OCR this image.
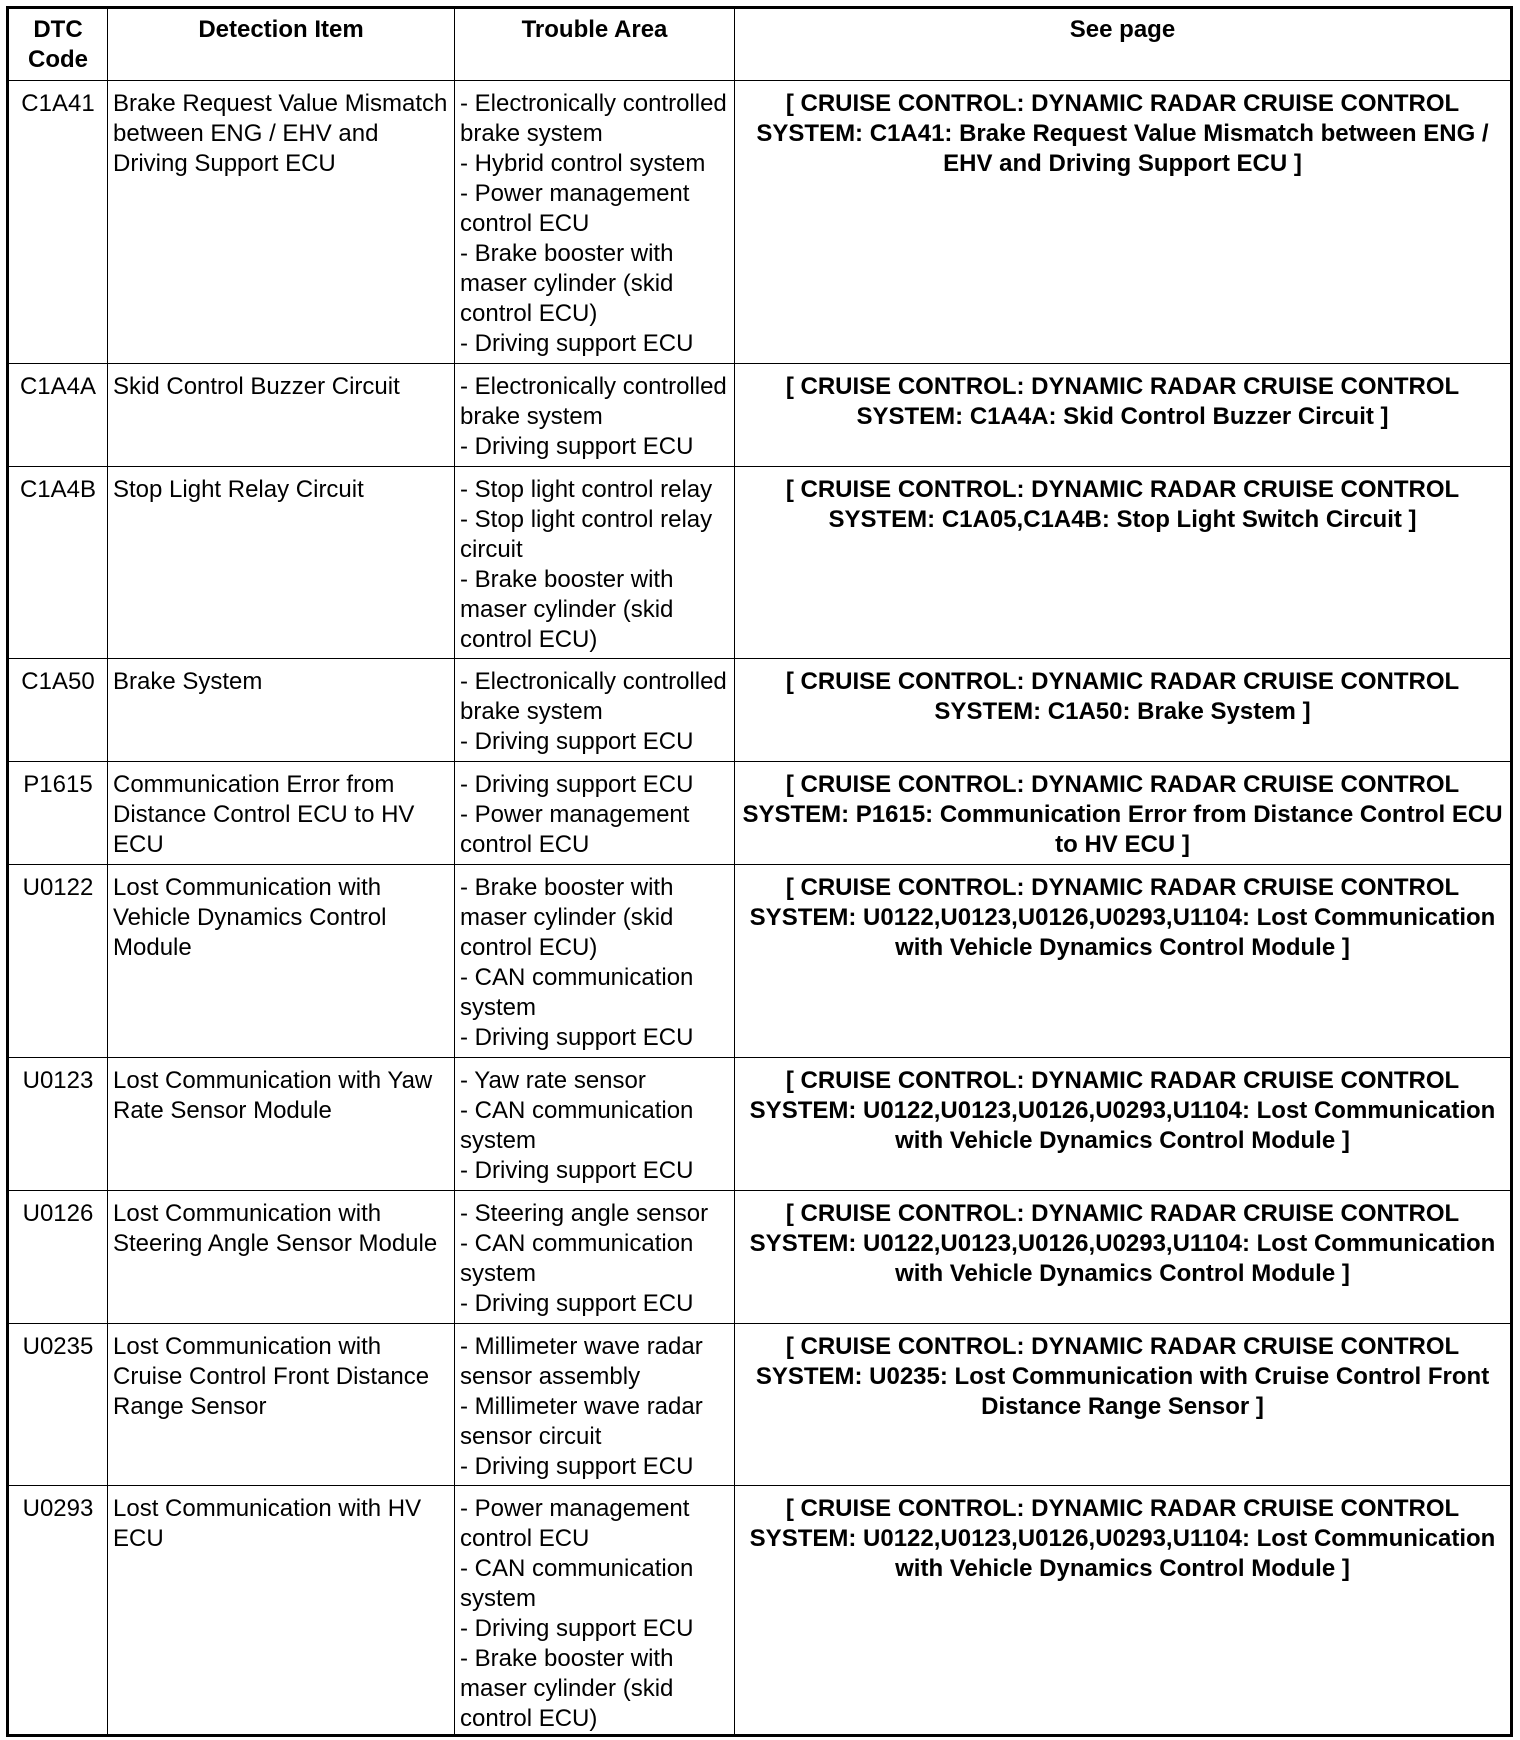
DTC
Code	Detection Item	Trouble Area	See page
C1A41	Brake Request Value Mismatch between ENG / EHV and Driving Support ECU	- Electronically controlled brake system
- Hybrid control system
- Power management control ECU
- Brake booster with maser cylinder (skid control ECU)
- Driving support ECU	[ CRUISE CONTROL: DYNAMIC RADAR CRUISE CONTROL SYSTEM: C1A41: Brake Request Value Mismatch between ENG / EHV and Driving Support ECU ]
C1A4A	Skid Control Buzzer Circuit	- Electronically controlled brake system
- Driving support ECU	[ CRUISE CONTROL: DYNAMIC RADAR CRUISE CONTROL SYSTEM: C1A4A: Skid Control Buzzer Circuit ]
C1A4B	Stop Light Relay Circuit	- Stop light control relay
- Stop light control relay circuit
- Brake booster with maser cylinder (skid control ECU)	[ CRUISE CONTROL: DYNAMIC RADAR CRUISE CONTROL SYSTEM: C1A05,C1A4B: Stop Light Switch Circuit ]
C1A50	Brake System	- Electronically controlled brake system
- Driving support ECU	[ CRUISE CONTROL: DYNAMIC RADAR CRUISE CONTROL SYSTEM: C1A50: Brake System ]
P1615	Communication Error from Distance Control ECU to HV ECU	- Driving support ECU
- Power management control ECU	[ CRUISE CONTROL: DYNAMIC RADAR CRUISE CONTROL SYSTEM: P1615: Communication Error from Distance Control ECU to HV ECU ]
U0122	Lost Communication with Vehicle Dynamics Control Module	- Brake booster with maser cylinder (skid control ECU)
- CAN communication system
- Driving support ECU	[ CRUISE CONTROL: DYNAMIC RADAR CRUISE CONTROL SYSTEM: U0122,U0123,U0126,U0293,U1104: Lost Communication with Vehicle Dynamics Control Module ]
U0123	Lost Communication with Yaw Rate Sensor Module	- Yaw rate sensor
- CAN communication system
- Driving support ECU	[ CRUISE CONTROL: DYNAMIC RADAR CRUISE CONTROL SYSTEM: U0122,U0123,U0126,U0293,U1104: Lost Communication with Vehicle Dynamics Control Module ]
U0126	Lost Communication with Steering Angle Sensor Module	- Steering angle sensor
- CAN communication system
- Driving support ECU	[ CRUISE CONTROL: DYNAMIC RADAR CRUISE CONTROL SYSTEM: U0122,U0123,U0126,U0293,U1104: Lost Communication with Vehicle Dynamics Control Module ]
U0235	Lost Communication with Cruise Control Front Distance Range Sensor	- Millimeter wave radar sensor assembly
- Millimeter wave radar sensor circuit
- Driving support ECU	[ CRUISE CONTROL: DYNAMIC RADAR CRUISE CONTROL SYSTEM: U0235: Lost Communication with Cruise Control Front Distance Range Sensor ]
U0293	Lost Communication with HV ECU	- Power management control ECU
- CAN communication system
- Driving support ECU
- Brake booster with maser cylinder (skid control ECU)	[ CRUISE CONTROL: DYNAMIC RADAR CRUISE CONTROL SYSTEM: U0122,U0123,U0126,U0293,U1104: Lost Communication with Vehicle Dynamics Control Module ]
